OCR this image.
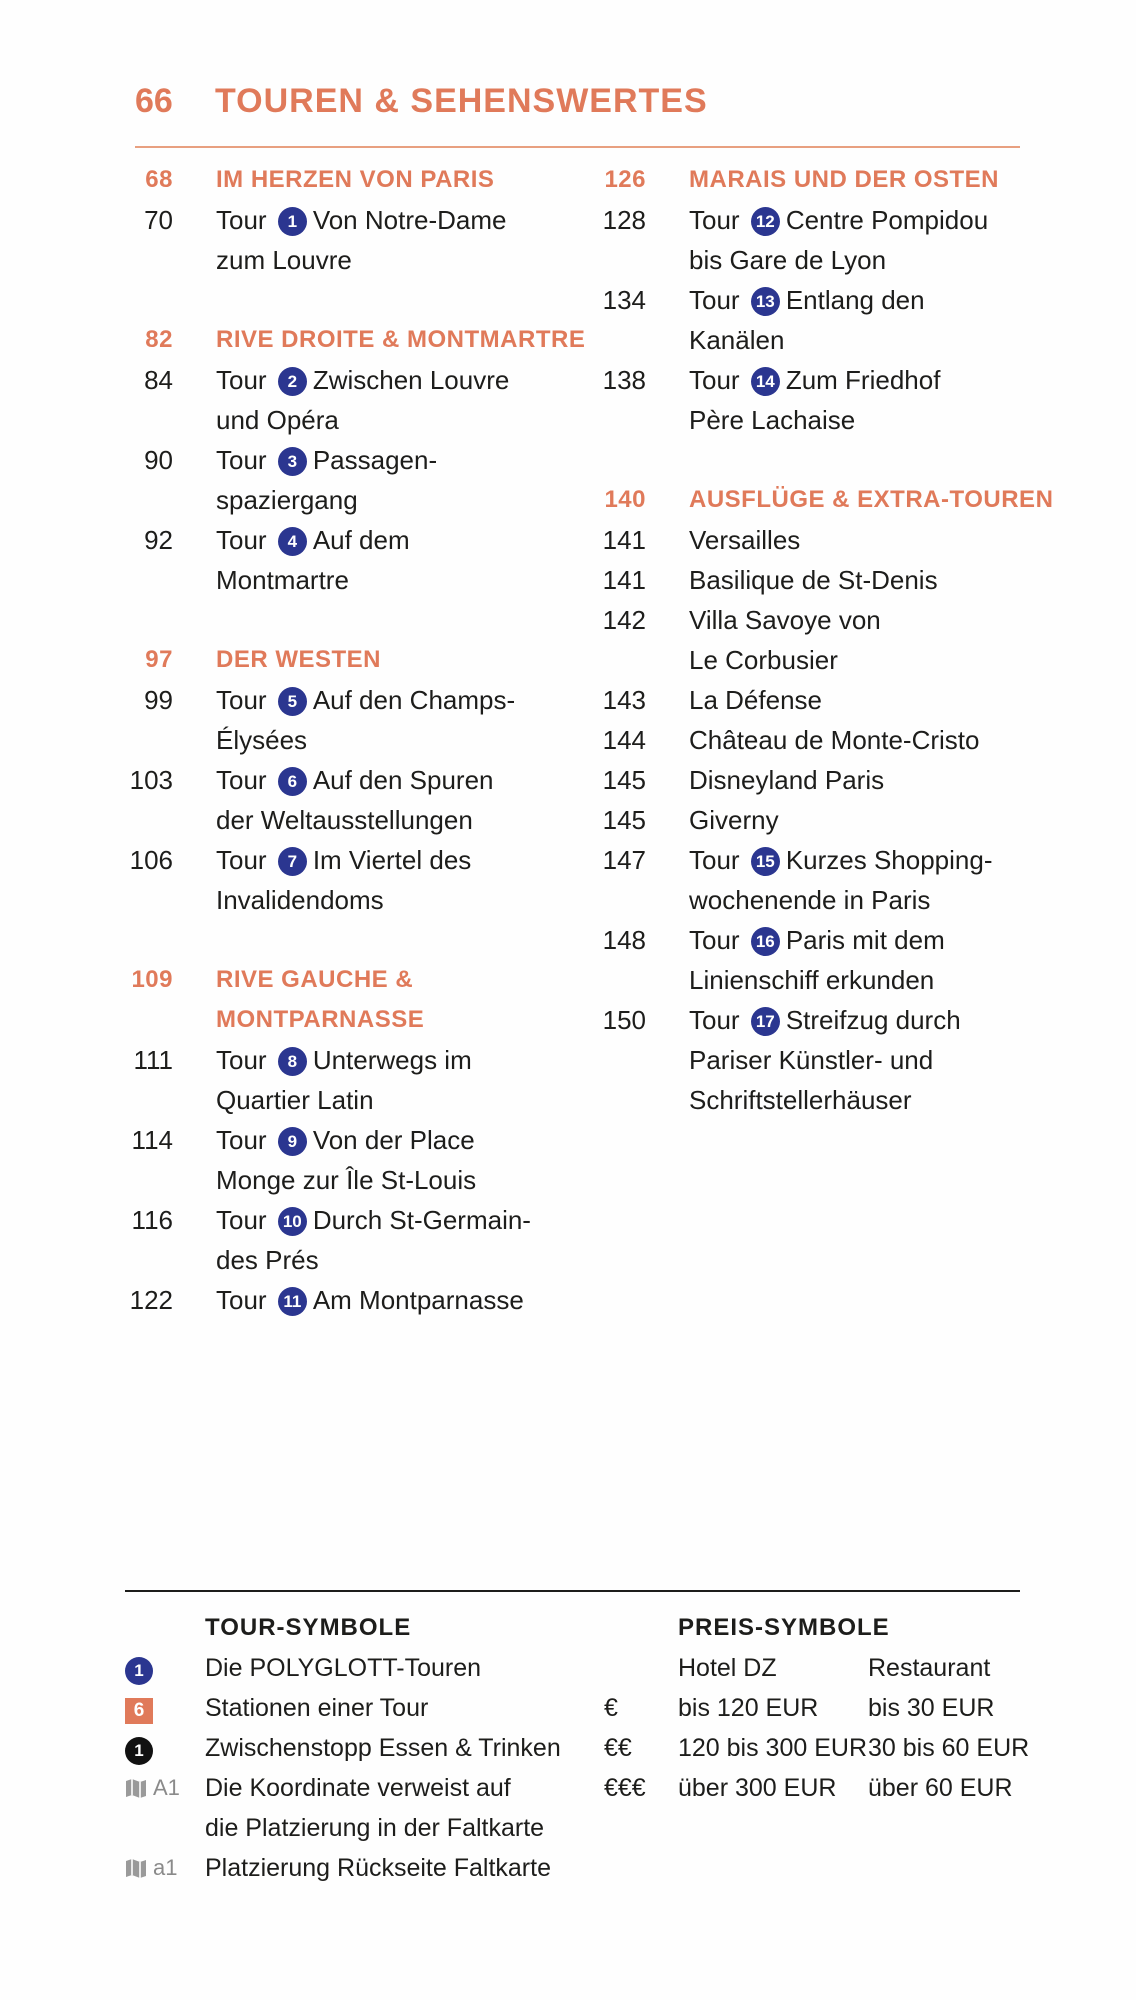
66 TOUREN & SEHENSWERTES
68 IM HERZEN VON PARIS
70 Tour 1 Von Notre-Dame
zum Louvre
82 RIVE DROITE & MONTMARTRE
84 Tour 2 Zwischen Louvre
und Opéra
90 Tour 3 Passagen-
spaziergang
92 Tour 4 Auf dem
Montmartre
97 DER WESTEN
99 Tour 5 Auf den Champs-
Élysées
103 Tour 6 Auf den Spuren
der Weltausstellungen
106 Tour 7 Im Viertel des
Invalidendoms
109 RIVE GAUCHE &
MONTPARNASSE
111 Tour 8 Unterwegs im
Quartier Latin
114 Tour 9 Von der Place
Monge zur Île St-Louis
116 Tour 10 Durch St-Germain-
des Prés
122 Tour 11 Am Montparnasse
126 MARAIS UND DER OSTEN
128 Tour 12 Centre Pompidou
bis Gare de Lyon
134 Tour 13 Entlang den
Kanälen
138 Tour 14 Zum Friedhof
Père Lachaise
140 AUSFLÜGE & EXTRA-TOUREN
141 Versailles
141 Basilique de St-Denis
142 Villa Savoye von
Le Corbusier
143 La Défense
144 Château de Monte-Cristo
145 Disneyland Paris
145 Giverny
147 Tour 15 Kurzes Shopping-
wochenende in Paris
148 Tour 16 Paris mit dem
Linienschiff erkunden
150 Tour 17 Streifzug durch
Pariser Künstler- und
Schriftstellerhäuser
TOUR-SYMBOLE
1	Die POLYGLOTT-Touren
6	Stationen einer Tour
1	Zwischenstopp Essen & Trinken
A1 Die Koordinate verweist auf
die Platzierung in der Faltkarte
a1 Platzierung Rückseite Faltkarte
PREIS-SYMBOLE
Hotel DZ	Restaurant
€ bis 120 EUR bis 30 EUR
€€ 120 bis 300 EUR 30 bis 60 EUR
€€€ über 300 EUR über 60 EUR
